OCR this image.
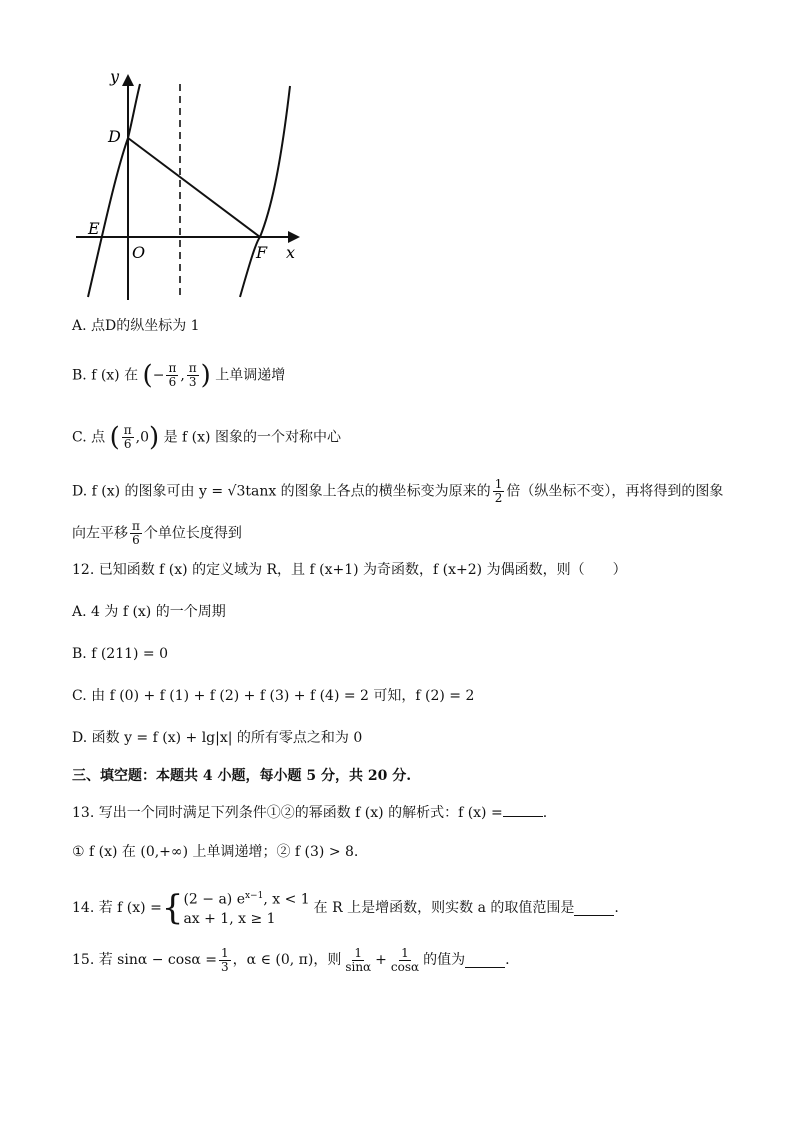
y
x
D
E
O	F
A. 点D的纵坐标为 1
B. f (x) 在 (− $\frac{\pi}{6}$ , $\frac{\pi}{3}$ ) 上单调递增
C. 点 ( $\frac{\pi}{6} ,0$) 是 f (x) 图象的一个对称中心
D. f (x) 的图象可由 y = √3tanx 的图象上各点的横坐标变为原来的 $\frac{1}{2}$ 倍（纵坐标不变），再将得到的图象
向左平移 $\frac{\pi}{6}$ 个单位长度得到
12. 已知函数 f (x) 的定义域为 R，且 f (x+1) 为奇函数，f (x+2) 为偶函数，则（　　）
A. 4 为 f (x) 的一个周期
B. f (211) = 0
C. 由 f (0) + f (1) + f (2) + f (3) + f (4) = 2 可知，f (2) = 2
D. 函数 y = f (x) + lg|x| 的所有零点之和为 0
三、填空题：本题共 4 小题，每小题 5 分，共 20 分.
13. 写出一个同时满足下列条件①②的幂函数 f (x) 的解析式：f (x) =	.
① f (x) 在 (0,+∞) 上单调递增；② f (3) > 8.
14. 若 f (x) = { (2 − a) $e^{x-1}$, x < 1
ax + 1, x ≥ 1
在 R 上是增函数，则实数 a 的取值范围是	.
15. 若 $\sin\alpha - \cos\alpha = \frac{1}{3}$ ，α ∈ (0, π)，则 $\frac{1}{\sin\alpha} + \frac{1}{\cos\alpha}$ 的值为	.
